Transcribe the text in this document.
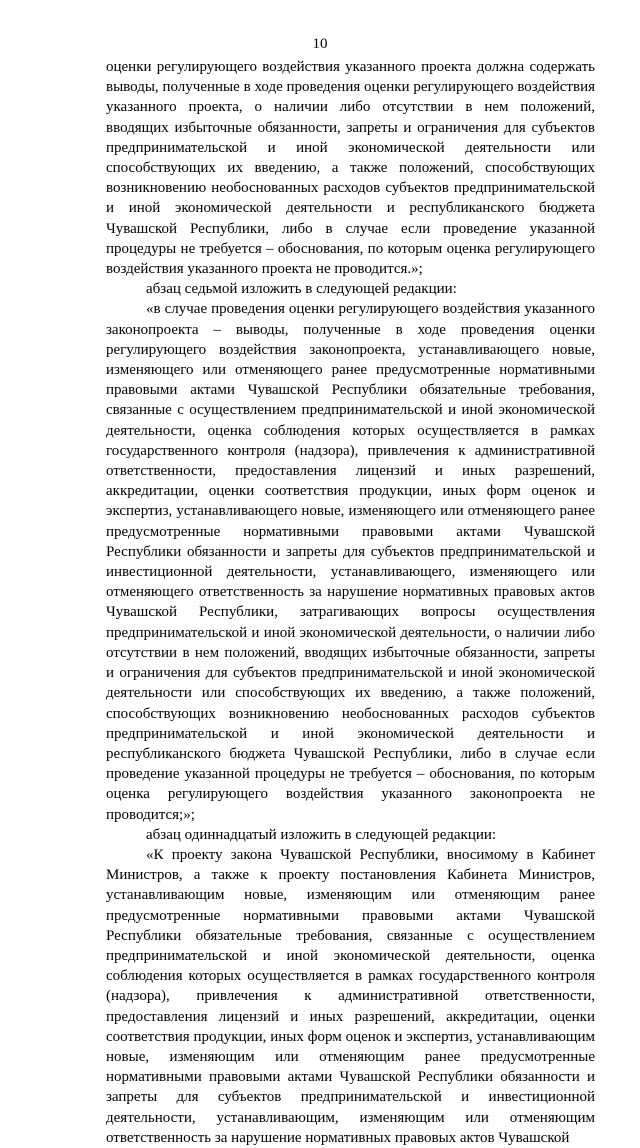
10

оценки регулирующего воздействия указанного проекта должна содержать выводы, полученные в ходе проведения оценки регулирующего воздействия указанного проекта, о наличии либо отсутствии в нем положений, вводящих избыточные обязанности, запреты и ограничения для субъектов предпринимательской и иной экономической деятельности или способствующих их введению, а также положений, способствующих возникновению необоснованных расходов субъектов предпринимательской и иной экономической деятельности и республиканского бюджета Чувашской Республики, либо в случае если проведение указанной процедуры не требуется – обоснования, по которым оценка регулирующего воздействия указанного проекта не проводится.»;

абзац седьмой изложить в следующей редакции:

«в случае проведения оценки регулирующего воздействия указанного законопроекта – выводы, полученные в ходе проведения оценки регулирующего воздействия законопроекта, устанавливающего новые, изменяющего или отменяющего ранее предусмотренные нормативными правовыми актами Чувашской Республики обязательные требования, связанные с осуществлением предпринимательской и иной экономической деятельности, оценка соблюдения которых осуществляется в рамках государственного контроля (надзора), привлечения к административной ответственности, предоставления лицензий и иных разрешений, аккредитации, оценки соответствия продукции, иных форм оценок и экспертиз, устанавливающего новые, изменяющего или отменяющего ранее предусмотренные нормативными правовыми актами Чувашской Республики обязанности и запреты для субъектов предпринимательской и инвестиционной деятельности, устанавливающего, изменяющего или отменяющего ответственность за нарушение нормативных правовых актов Чувашской Республики, затрагивающих вопросы осуществления предпринимательской и иной экономической деятельности, о наличии либо отсутствии в нем положений, вводящих избыточные обязанности, запреты и ограничения для субъектов предпринимательской и иной экономической деятельности или способствующих их введению, а также положений, способствующих возникновению необоснованных расходов субъектов предпринимательской и иной экономической деятельности и республиканского бюджета Чувашской Республики, либо в случае если проведение указанной процедуры не требуется – обоснования, по которым оценка регулирующего воздействия указанного законопроекта не проводится;»;

абзац одиннадцатый изложить в следующей редакции:

«К проекту закона Чувашской Республики, вносимому в Кабинет Министров, а также к проекту постановления Кабинета Министров, устанавливающим новые, изменяющим или отменяющим ранее предусмотренные нормативными правовыми актами Чувашской Республики обязательные требования, связанные с осуществлением предпринимательской и иной экономической деятельности, оценка соблюдения которых осуществляется в рамках государственного контроля (надзора), привлечения к административной ответственности, предоставления лицензий и иных разрешений, аккредитации, оценки соответствия продукции, иных форм оценок и экспертиз, устанавливающим новые, изменяющим или отменяющим ранее предусмотренные нормативными правовыми актами Чувашской Республики обязанности и запреты для субъектов предпринимательской и инвестиционной деятельности, устанавливающим, изменяющим или отменяющим ответственность за нарушение нормативных правовых актов Чувашской
